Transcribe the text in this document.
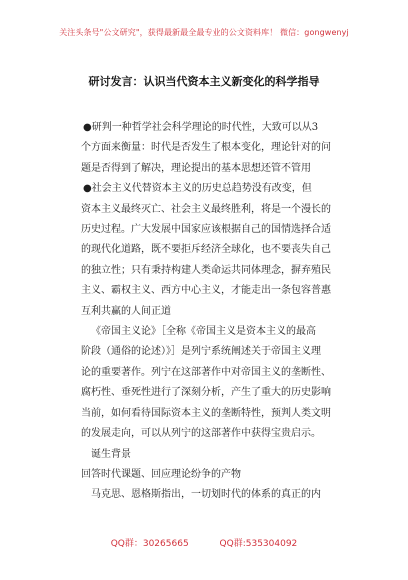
关注头条号"公文研究"，获得最新最全最专业的公文资料库！ 微信：gongwenyj
研讨发言：认识当代资本主义新变化的科学指导
●研判一种哲学社会科学理论的时代性，大致可以从3
个方面来衡量：时代是否发生了根本变化，理论针对的问
题是否得到了解决，理论提出的基本思想还管不管用
●社会主义代替资本主义的历史总趋势没有改变，但
资本主义最终灭亡、社会主义最终胜利，将是一个漫长的
历史过程。广大发展中国家应该根据自己的国情选择合适
的现代化道路，既不要拒斥经济全球化，也不要丧失自己
的独立性；只有秉持构建人类命运共同体理念，摒弃殖民
主义、霸权主义、西方中心主义，才能走出一条包容普惠
互利共赢的人间正道
《帝国主义论》［全称《帝国主义是资本主义的最高
阶段（通俗的论述）》］是列宁系统阐述关于帝国主义理
论的重要著作。列宁在这部著作中对帝国主义的垄断性、
腐朽性、垂死性进行了深刻分析，产生了重大的历史影响
当前，如何看待国际资本主义的垄断特性，预判人类文明
的发展走向，可以从列宁的这部著作中获得宝贵启示。
诞生背景
回答时代课题、回应理论纷争的产物
马克思、恩格斯指出，一切划时代的体系的真正的内
QQ群：30265665	QQ群:535304092
